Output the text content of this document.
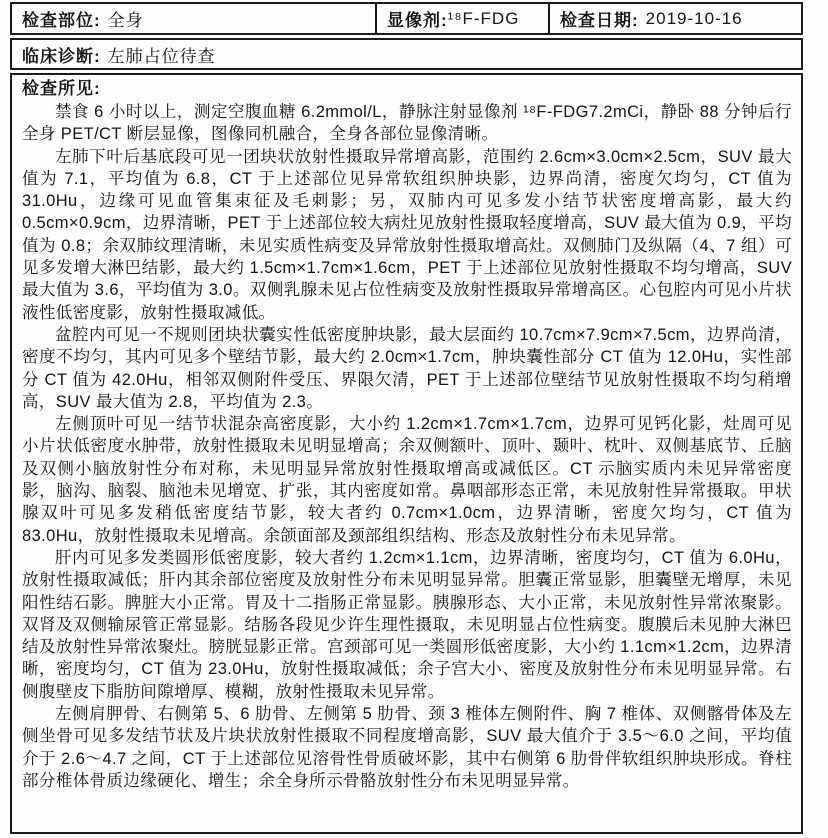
检查部位: 全身	显像剂: ¹⁸F-FDG 检查日期: 2019-10-16
临床诊断: 左肺占位待查
检查所见:

禁食 6 小时以上，测定空腹血糖 6.2mmol/L，静脉注射显像剂 ¹⁸F-FDG7.2mCi，静卧 88 分钟后行全身 PET/CT 断层显像，图像同机融合，全身各部位显像清晰。

左肺下叶后基底段可见一团块状放射性摄取异常增高影，范围约 2.6cm×3.0cm×2.5cm，SUV 最大值为 7.1，平均值为 6.8，CT 于上述部位见异常软组织肿块影，边界尚清，密度欠均匀，CT 值为 31.0Hu，边缘可见血管集束征及毛刺影；另，双肺内可见多发小结节状密度增高影，最大约 0.5cm×0.9cm，边界清晰，PET 于上述部位较大病灶见放射性摄取轻度增高，SUV 最大值为 0.9，平均值为 0.8；余双肺纹理清晰，未见实质性病变及异常放射性摄取增高灶。双侧肺门及纵隔（4、7 组）可见多发增大淋巴结影，最大约 1.5cm×1.7cm×1.6cm，PET 于上述部位见放射性摄取不均匀增高，SUV 最大值为 3.6，平均值为 3.0。双侧乳腺未见占位性病变及放射性摄取异常增高区。心包腔内可见小片状液性低密度影，放射性摄取减低。

盆腔内可见一不规则团块状囊实性低密度肿块影，最大层面约 10.7cm×7.9cm×7.5cm，边界尚清，密度不均匀，其内可见多个壁结节影，最大约 2.0cm×1.7cm，肿块囊性部分 CT 值为 12.0Hu，实性部分 CT 值为 42.0Hu，相邻双侧附件受压、界限欠清，PET 于上述部位壁结节见放射性摄取不均匀稍增高，SUV 最大值为 2.8，平均值为 2.3。

左侧顶叶可见一结节状混杂高密度影，大小约 1.2cm×1.7cm×1.7cm，边界可见钙化影，灶周可见小片状低密度水肿带，放射性摄取未见明显增高；余双侧额叶、顶叶、颞叶、枕叶、双侧基底节、丘脑及双侧小脑放射性分布对称，未见明显异常放射性摄取增高或减低区。CT 示脑实质内未见异常密度影，脑沟、脑裂、脑池未见增宽、扩张，其内密度如常。鼻咽部形态正常，未见放射性异常摄取。甲状腺双叶可见多发稍低密度结节影，较大者约 0.7cm×1.0cm，边界清晰，密度欠均匀，CT 值为 83.0Hu，放射性摄取未见增高。余颌面部及颈部组织结构、形态及放射性分布未见异常。

肝内可见多发类圆形低密度影，较大者约 1.2cm×1.1cm，边界清晰，密度均匀，CT 值为 6.0Hu，放射性摄取减低；肝内其余部位密度及放射性分布未见明显异常。胆囊正常显影，胆囊壁无增厚，未见阳性结石影。脾脏大小正常。胃及十二指肠正常显影。胰腺形态、大小正常，未见放射性异常浓聚影。双肾及双侧输尿管正常显影。结肠各段见少许生理性摄取，未见明显占位性病变。腹膜后未见肿大淋巴结及放射性异常浓聚灶。膀胱显影正常。宫颈部可见一类圆形低密度影，大小约 1.1cm×1.2cm，边界清晰，密度均匀，CT 值为 23.0Hu，放射性摄取减低；余子宫大小、密度及放射性分布未见明显异常。右侧腹壁皮下脂肪间隙增厚、模糊，放射性摄取未见异常。

左侧肩胛骨、右侧第 5、6 肋骨、左侧第 5 肋骨、颈 3 椎体左侧附件、胸 7 椎体、双侧髂骨体及左侧坐骨可见多发结节状及片块状放射性摄取不同程度增高影，SUV 最大值介于 3.5～6.0 之间，平均值介于 2.6～4.7 之间，CT 于上述部位见溶骨性骨质破坏影，其中右侧第 6 肋骨伴软组织肿块形成。脊柱部分椎体骨质边缘硬化、增生；余全身所示骨骼放射性分布未见明显异常。
